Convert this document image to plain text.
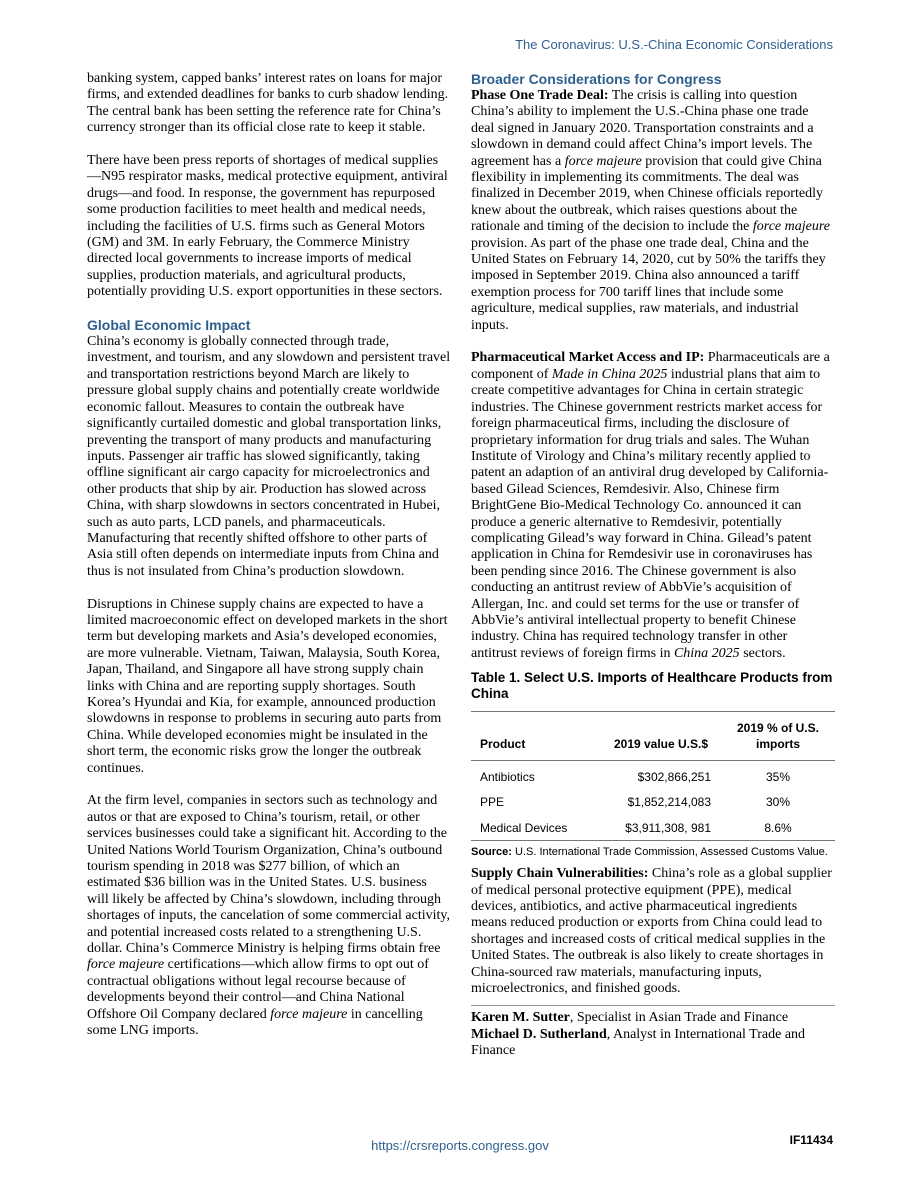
The Coronavirus: U.S.-China Economic Considerations

banking system, capped banks’ interest rates on loans for major firms, and extended deadlines for banks to curb shadow lending. The central bank has been setting the reference rate for China’s currency stronger than its official close rate to keep it stable.

There have been press reports of shortages of medical supplies—N95 respirator masks, medical protective equipment, antiviral drugs—and food. In response, the government has repurposed some production facilities to meet health and medical needs, including the facilities of U.S. firms such as General Motors (GM) and 3M. In early February, the Commerce Ministry directed local governments to increase imports of medical supplies, production materials, and agricultural products, potentially providing U.S. export opportunities in these sectors.

Global Economic Impact

China’s economy is globally connected through trade, investment, and tourism, and any slowdown and persistent travel and transportation restrictions beyond March are likely to pressure global supply chains and potentially create worldwide economic fallout. Measures to contain the outbreak have significantly curtailed domestic and global transportation links, preventing the transport of many products and manufacturing inputs. Passenger air traffic has slowed significantly, taking offline significant air cargo capacity for microelectronics and other products that ship by air. Production has slowed across China, with sharp slowdowns in sectors concentrated in Hubei, such as auto parts, LCD panels, and pharmaceuticals. Manufacturing that recently shifted offshore to other parts of Asia still often depends on intermediate inputs from China and thus is not insulated from China’s production slowdown.

Disruptions in Chinese supply chains are expected to have a limited macroeconomic effect on developed markets in the short term but developing markets and Asia’s developed economies, are more vulnerable. Vietnam, Taiwan, Malaysia, South Korea, Japan, Thailand, and Singapore all have strong supply chain links with China and are reporting supply shortages. South Korea’s Hyundai and Kia, for example, announced production slowdowns in response to problems in securing auto parts from China. While developed economies might be insulated in the short term, the economic risks grow the longer the outbreak continues.

At the firm level, companies in sectors such as technology and autos or that are exposed to China’s tourism, retail, or other services businesses could take a significant hit. According to the United Nations World Tourism Organization, China’s outbound tourism spending in 2018 was $277 billion, of which an estimated $36 billion was in the United States. U.S. business will likely be affected by China’s slowdown, including through shortages of inputs, the cancelation of some commercial activity, and potential increased costs related to a strengthening U.S. dollar. China’s Commerce Ministry is helping firms obtain free force majeure certifications—which allow firms to opt out of contractual obligations without legal recourse because of developments beyond their control—and China National Offshore Oil Company declared force majeure in cancelling some LNG imports.

Broader Considerations for Congress

Phase One Trade Deal: The crisis is calling into question China’s ability to implement the U.S.-China phase one trade deal signed in January 2020. Transportation constraints and a slowdown in demand could affect China’s import levels. The agreement has a force majeure provision that could give China flexibility in implementing its commitments. The deal was finalized in December 2019, when Chinese officials reportedly knew about the outbreak, which raises questions about the rationale and timing of the decision to include the force majeure provision. As part of the phase one trade deal, China and the United States on February 14, 2020, cut by 50% the tariffs they imposed in September 2019. China also announced a tariff exemption process for 700 tariff lines that include some agriculture, medical supplies, raw materials, and industrial inputs.

Pharmaceutical Market Access and IP: Pharmaceuticals are a component of Made in China 2025 industrial plans that aim to create competitive advantages for China in certain strategic industries. The Chinese government restricts market access for foreign pharmaceutical firms, including the disclosure of proprietary information for drug trials and sales. The Wuhan Institute of Virology and China’s military recently applied to patent an adaption of an antiviral drug developed by California-based Gilead Sciences, Remdesivir. Also, Chinese firm BrightGene Bio-Medical Technology Co. announced it can produce a generic alternative to Remdesivir, potentially complicating Gilead’s way forward in China. Gilead’s patent application in China for Remdesivir use in coronaviruses has been pending since 2016. The Chinese government is also conducting an antitrust review of AbbVie’s acquisition of Allergan, Inc. and could set terms for the use or transfer of AbbVie’s antiviral intellectual property to benefit Chinese industry. China has required technology transfer in other antitrust reviews of foreign firms in China 2025 sectors.

Table 1. Select U.S. Imports of Healthcare Products from China
Product	2019 value U.S.$	2019 % of U.S. imports
Antibiotics	$302,866,251	35%
PPE	$1,852,214,083	30%
Medical Devices	$3,911,308, 981	8.6%
Source: U.S. International Trade Commission, Assessed Customs Value.

Supply Chain Vulnerabilities: China’s role as a global supplier of medical personal protective equipment (PPE), medical devices, antibiotics, and active pharmaceutical ingredients means reduced production or exports from China could lead to shortages and increased costs of critical medical supplies in the United States. The outbreak is also likely to create shortages in China-sourced raw materials, manufacturing inputs, microelectronics, and finished goods.

Karen M. Sutter, Specialist in Asian Trade and Finance
Michael D. Sutherland, Analyst in International Trade and Finance
IF11434
https://crsreports.congress.gov
